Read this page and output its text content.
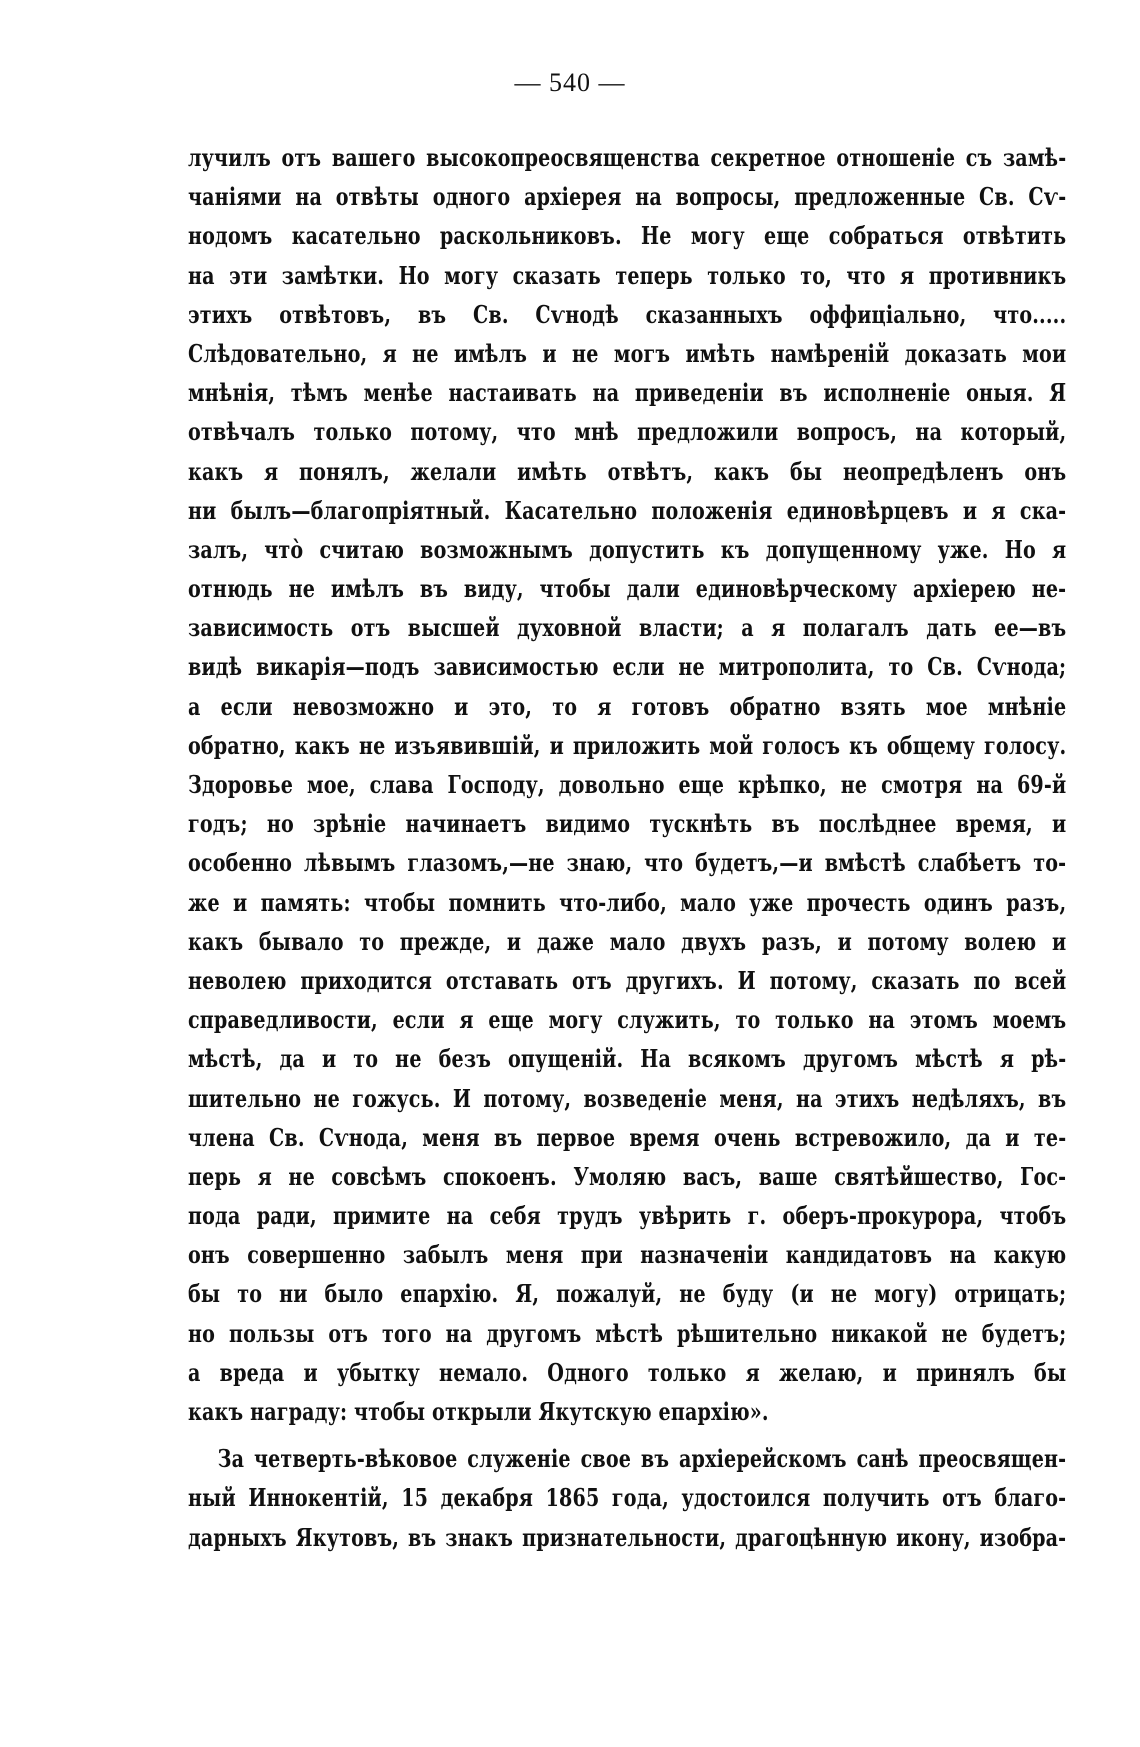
— 540 —
лучилъ отъ вашего высокопреосвященства секретное отношеніе съ замѣ-
чаніями на отвѣты одного архіерея на вопросы, предложенные Св. Сѵ-
нодомъ касательно раскольниковъ. Не могу еще собраться отвѣтить
на эти замѣтки. Но могу сказать теперь только то, что я противникъ
этихъ отвѣтовъ, въ Св. Сѵнодѣ сказанныхъ оффиціально, что.....
Слѣдовательно, я не имѣлъ и не могъ имѣть намѣреній доказать мои
мнѣнія, тѣмъ менѣе настаивать на приведеніи въ исполненіе оныя. Я
отвѣчалъ только потому, что мнѣ предложили вопросъ, на который,
какъ я понялъ, желали имѣть отвѣтъ, какъ бы неопредѣленъ онъ
ни былъ—благопріятный. Касательно положенія единовѣрцевъ и я ска-
залъ, что̀ считаю возможнымъ допустить къ допущенному уже. Но я
отнюдь не имѣлъ въ виду, чтобы дали единовѣрческому архіерею не-
зависимость отъ высшей духовной власти; а я полагалъ дать ее—въ
видѣ викарія—подъ зависимостью если не митрополита, то Св. Сѵнода;
а если невозможно и это, то я готовъ обратно взять мое мнѣніе
обратно, какъ не изъявившій, и приложить мой голосъ къ общему голосу.
Здоровье мое, слава Господу, довольно еще крѣпко, не смотря на 69-й
годъ; но зрѣніе начинаетъ видимо тускнѣть въ послѣднее время, и
особенно лѣвымъ глазомъ,—не знаю, что будетъ,—и вмѣстѣ слабѣетъ то-
же и память: чтобы помнить что-либо, мало уже прочесть одинъ разъ,
какъ бывало то прежде, и даже мало двухъ разъ, и потому волею и
неволею приходится отставать отъ другихъ. И потому, сказать по всей
справедливости, если я еще могу служить, то только на этомъ моемъ
мѣстѣ, да и то не безъ опущеній. На всякомъ другомъ мѣстѣ я рѣ-
шительно не гожусь. И потому, возведеніе меня, на этихъ недѣляхъ, въ
члена Св. Сѵнода, меня въ первое время очень встревожило, да и те-
перь я не совсѣмъ спокоенъ. Умоляю васъ, ваше святѣйшество, Гос-
пода ради, примите на себя трудъ увѣрить г. оберъ-прокурора, чтобъ
онъ совершенно забылъ меня при назначеніи кандидатовъ на какую
бы то ни было епархію. Я, пожалуй, не буду (и не могу) отрицать;
но пользы отъ того на другомъ мѣстѣ рѣшительно никакой не будетъ;
а вреда и убытку немало. Одного только я желаю, и принялъ бы
какъ награду: чтобы открыли Якутскую епархію».
За четверть-вѣковое служеніе свое въ архіерейскомъ санѣ преосвящен-
ный Иннокентій, 15 декабря 1865 года, удостоился получить отъ благо-
дарныхъ Якутовъ, въ знакъ признательности, драгоцѣнную икону, изобра-
